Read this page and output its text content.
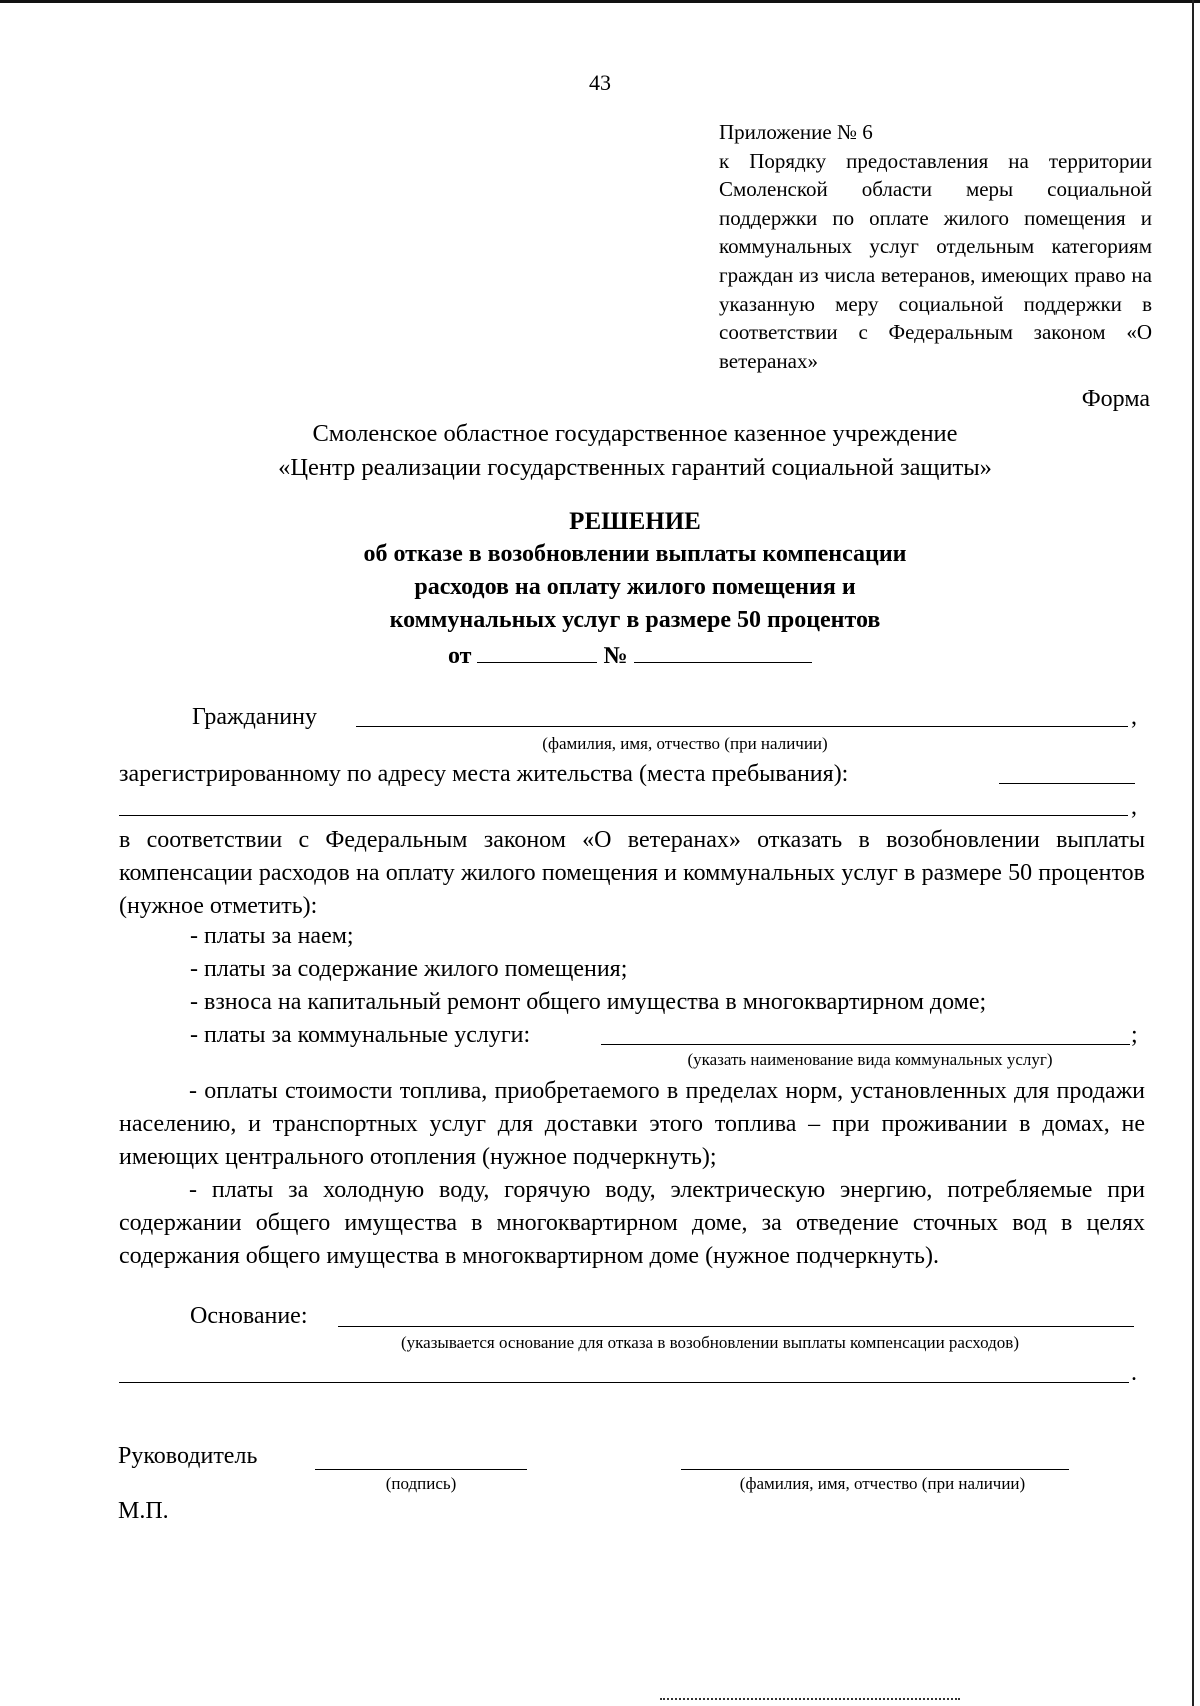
43
Приложение № 6
к Порядку предоставления на территории Смоленской области меры социальной поддержки по оплате жилого помещения и коммунальных услуг отдельным категориям граждан из числа ветеранов, имеющих право на указанную меру социальной поддержки в соответствии с Федеральным законом «О ветеранах»
Форма
Смоленское областное государственное казенное учреждение
«Центр реализации государственных гарантий социальной защиты»
РЕШЕНИЕ
об отказе в возобновлении выплаты компенсации
расходов на оплату жилого помещения и
коммунальных услуг в размере 50 процентов
от	№
Гражданину	,
(фамилия, имя, отчество (при наличии)
зарегистрированному по адресу места жительства (места пребывания):
,
в соответствии с Федеральным законом «О ветеранах» отказать в возобновлении выплаты компенсации расходов на оплату жилого помещения и коммунальных услуг в размере 50 процентов (нужное отметить):
- платы за наем;
- платы за содержание жилого помещения;
- взноса на капитальный ремонт общего имущества в многоквартирном доме;
- платы за коммунальные услуги:	;
(указать наименование вида коммунальных услуг)
- оплаты стоимости топлива, приобретаемого в пределах норм, установленных для продажи населению, и транспортных услуг для доставки этого топлива – при проживании в домах, не имеющих центрального отопления (нужное подчеркнуть);
- платы за холодную воду, горячую воду, электрическую энергию, потребляемые при содержании общего имущества в многоквартирном доме, за отведение сточных вод в целях содержания общего имущества в многоквартирном доме (нужное подчеркнуть).
Основание:
(указывается основание для отказа в возобновлении выплаты компенсации расходов)
.
Руководитель
(подпись)	(фамилия, имя, отчество (при наличии)
М.П.
